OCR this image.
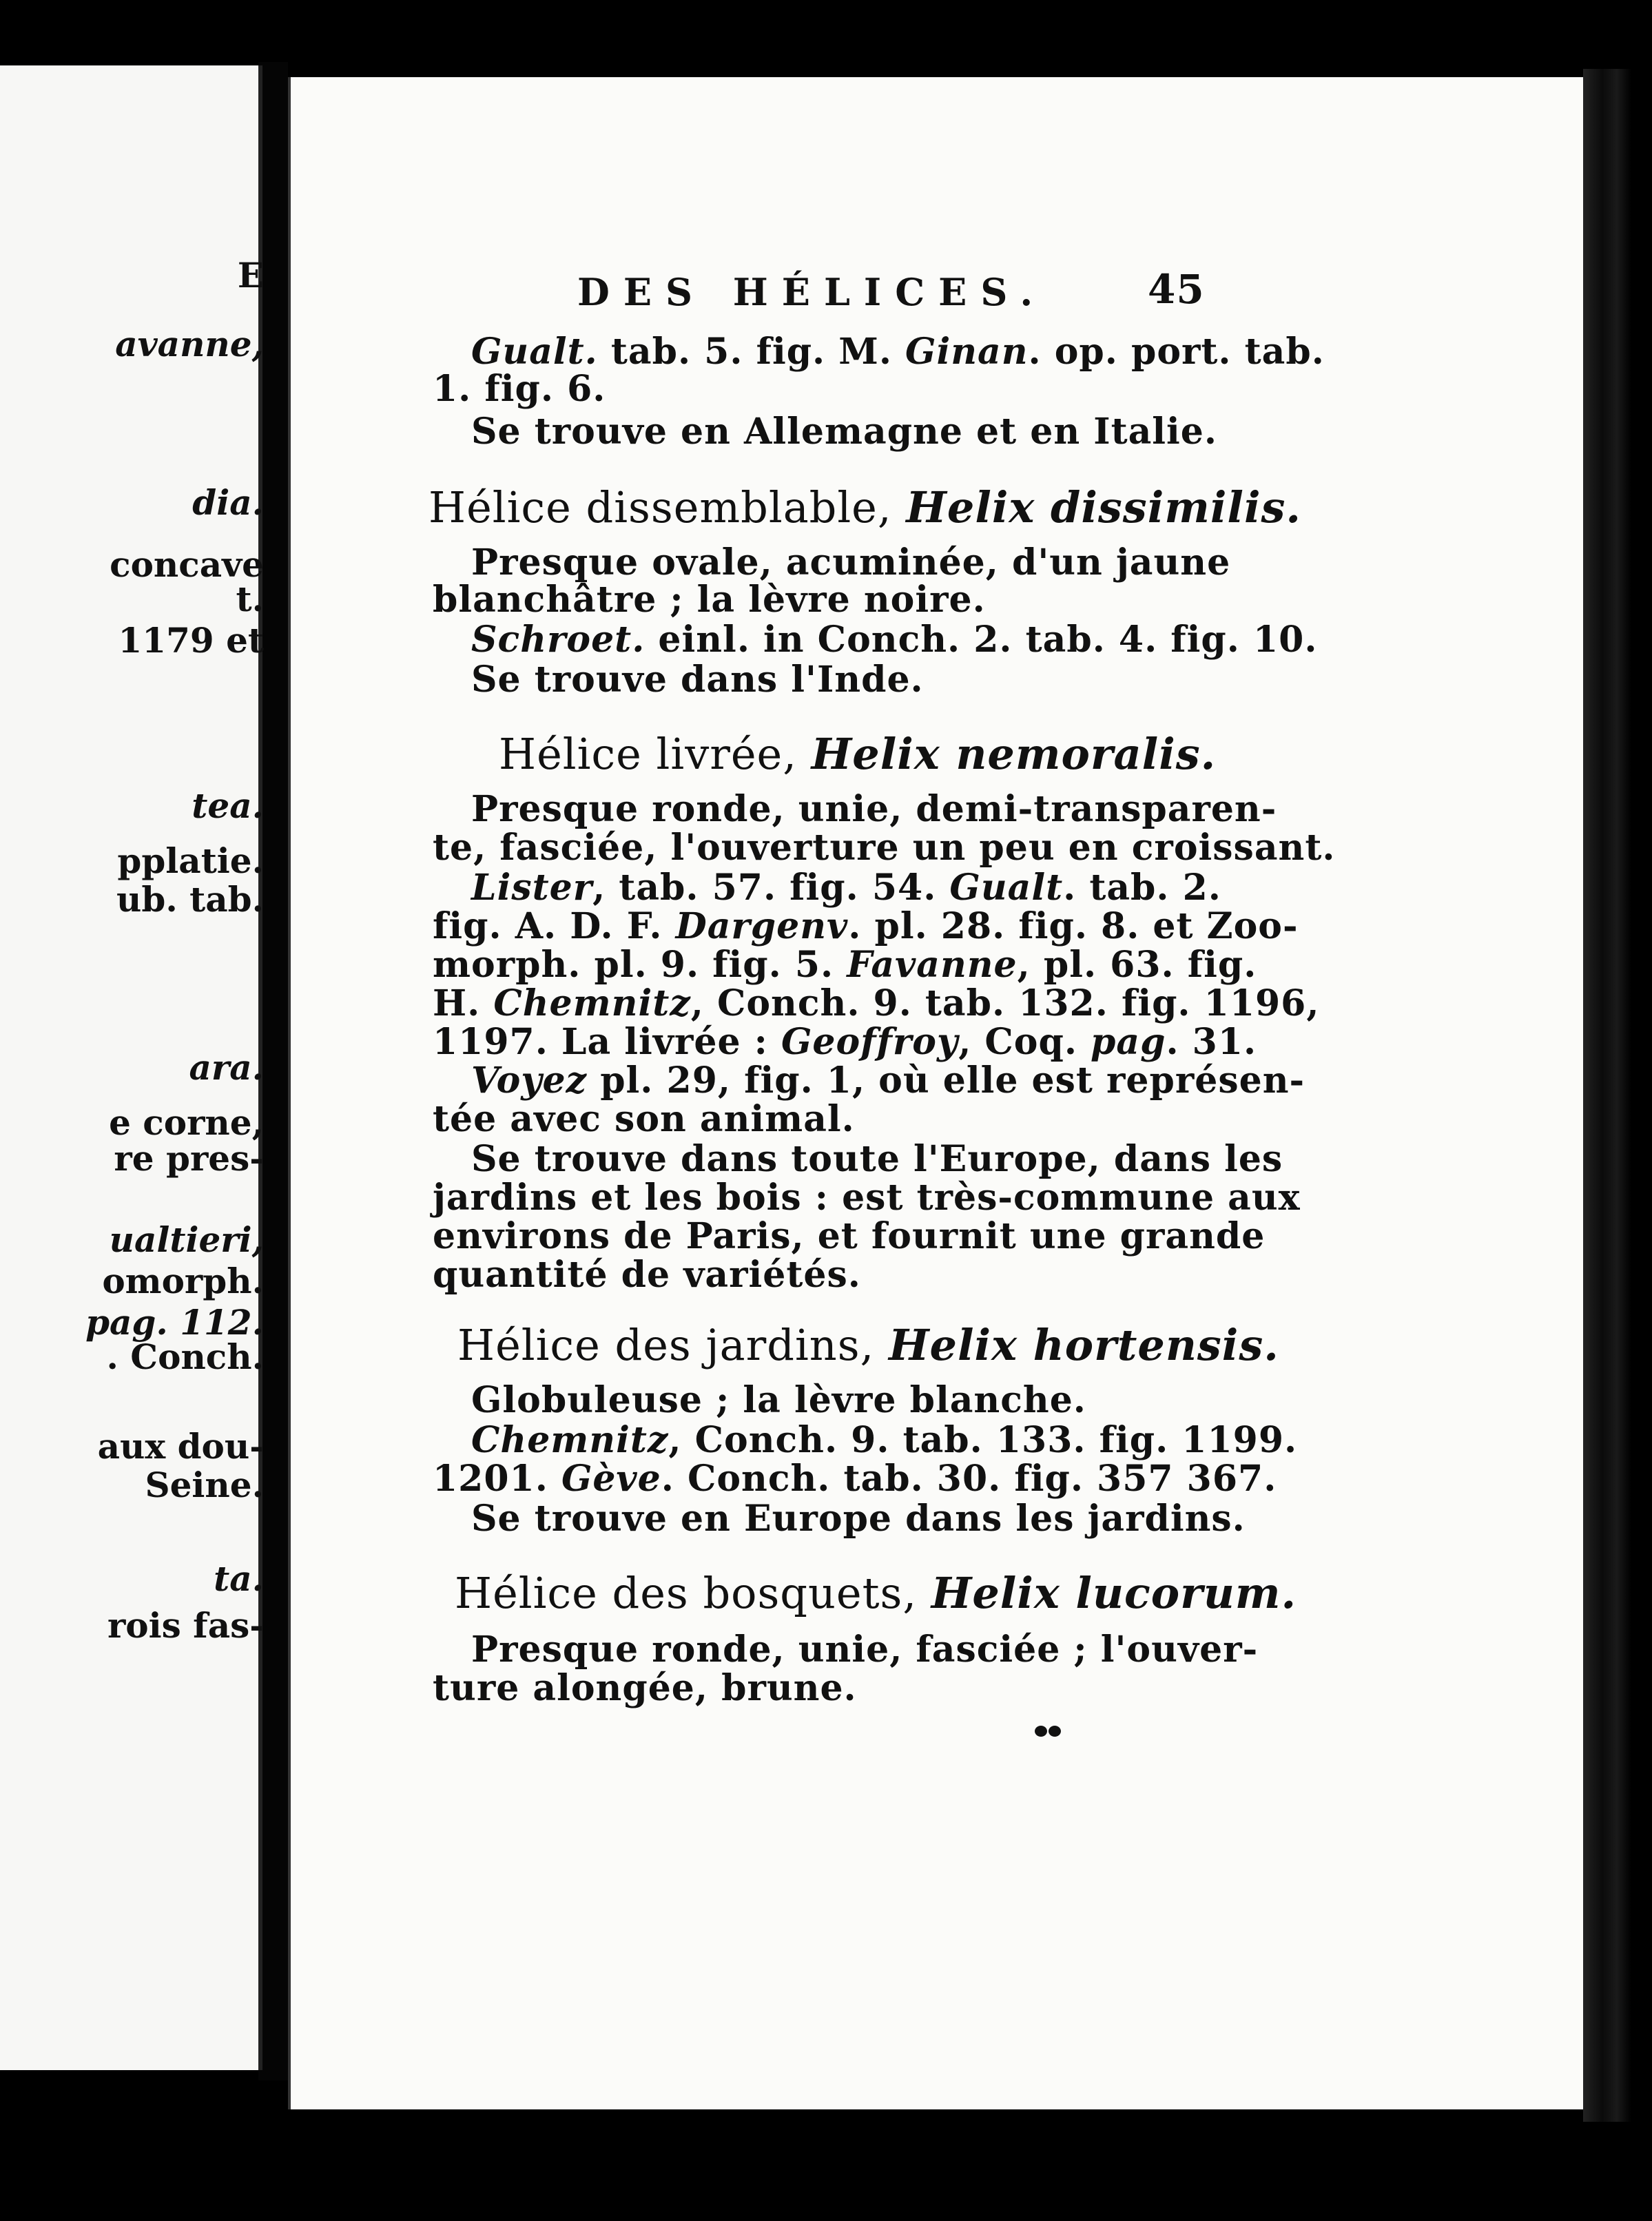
E
avanne,
dia.
concave
t.
1179 et
tea.
pplatie.
ub. tab.
ara.
e corne,
re pres-
ualtieri,
omorph.
pag. 112.
. Conch.
aux dou-
Seine.
ta.
rois fas-
DES HÉLICES.	45
Gualt. tab. 5. fig. M. Ginan. op. port. tab.
1. fig. 6.
Se trouve en Allemagne et en Italie.
Hélice dissemblable, Helix dissimilis.
Presque ovale, acuminée, d'un jaune
blanchâtre ; la lèvre noire.
Schroet. einl. in Conch. 2. tab. 4. fig. 10.
Se trouve dans l'Inde.
Hélice livrée, Helix nemoralis.
Presque ronde, unie, demi-transparen-
te, fasciée, l'ouverture un peu en croissant.
Lister, tab. 57. fig. 54. Gualt. tab. 2.
fig. A. D. F. Dargenv. pl. 28. fig. 8. et Zoo-
morph. pl. 9. fig. 5. Favanne, pl. 63. fig.
H. Chemnitz, Conch. 9. tab. 132. fig. 1196,
1197. La livrée : Geoffroy, Coq. pag. 31.
Voyez pl. 29, fig. 1, où elle est représen-
tée avec son animal.
Se trouve dans toute l'Europe, dans les
jardins et les bois : est très-commune aux
environs de Paris, et fournit une grande
quantité de variétés.
Hélice des jardins, Helix hortensis.
Globuleuse ; la lèvre blanche.
Chemnitz, Conch. 9. tab. 133. fig. 1199.
1201. Gève. Conch. tab. 30. fig. 357 367.
Se trouve en Europe dans les jardins.
Hélice des bosquets, Helix lucorum.
Presque ronde, unie, fasciée ; l'ouver-
ture alongée, brune.
